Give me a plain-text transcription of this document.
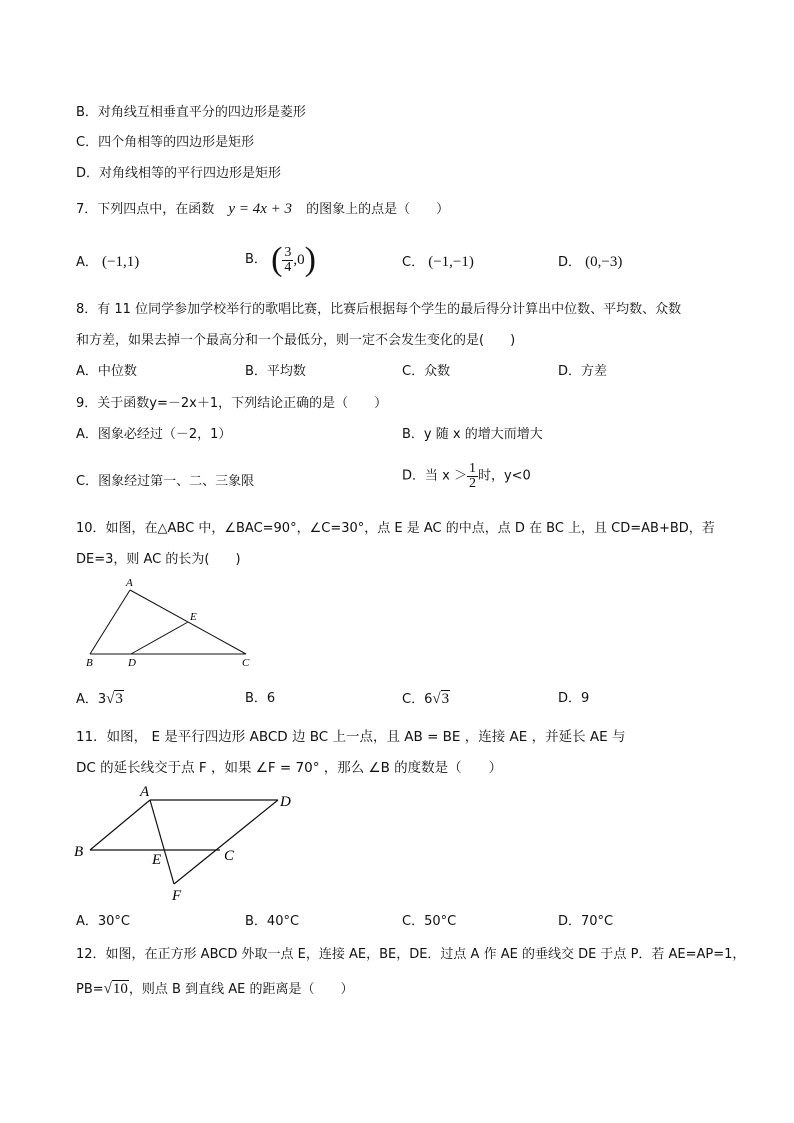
B．对角线互相垂直平分的四边形是菱形
C．四个角相等的四边形是矩形
D．对角线相等的平行四边形是矩形
7．下列四点中，在函数 y = 4x + 3 的图象上的点是（　　）
A． (−1,1)	B． ( $\frac{3}{4} ,0$)	C． (−1,−1)	D． (0,−3)
8．有 11 位同学参加学校举行的歌唱比赛，比赛后根据每个学生的最后得分计算出中位数、平均数、众数
和方差，如果去掉一个最高分和一个最低分，则一定不会发生变化的是(　　)
A．中位数	B．平均数	C．众数	D．方差
9．关于函数y=－2x＋1，下列结论正确的是（　　）
A．图象必经过（－2，1）	B．y 随 x 的增大而增大
C．图象经过第一、二、三象限	D．当 $x > \frac{1}{2}$ 时，y<0
10．如图，在△ABC 中，∠BAC=90°，∠C=30°，点 E 是 AC 的中点，点 D 在 BC 上，且 CD=AB+BD，若
DE=3，则 AC 的长为(　　)
A
E
B	D	C
A．3√3	B．6	C．6√3	D．9
11．如图， E 是平行四边形 ABCD 边 BC 上一点，且 AB = BE ，连接 AE ，并延长 AE 与
DC 的延长线交于点 F ，如果 ∠F = 70° ，那么 ∠B 的度数是（　　）
A
D
B	E	C
F
A．30°C	B．40°C	C．50°C	D．70°C
12．如图，在正方形 ABCD 外取一点 E，连接 AE，BE，DE．过点 A 作 AE 的垂线交 DE 于点 P．若 AE=AP=1，
PB=√10，则点 B 到直线 AE 的距离是（　　）
